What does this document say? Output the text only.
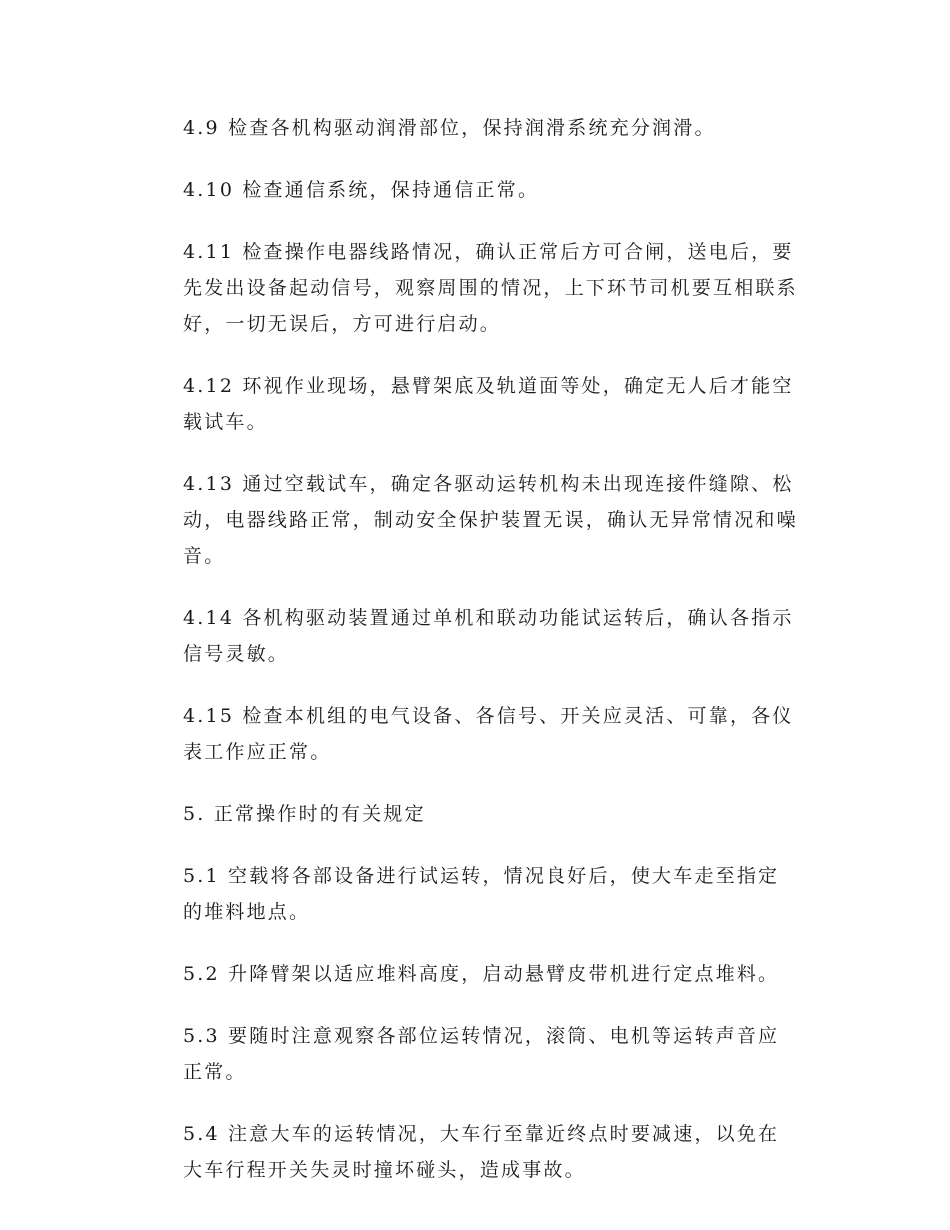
4.9 检查各机构驱动润滑部位，保持润滑系统充分润滑。

4.10 检查通信系统，保持通信正常。

4.11 检查操作电器线路情况，确认正常后方可合闸，送电后，要
先发出设备起动信号，观察周围的情况，上下环节司机要互相联系
好，一切无误后，方可进行启动。

4.12 环视作业现场，悬臂架底及轨道面等处，确定无人后才能空
载试车。

4.13 通过空载试车，确定各驱动运转机构未出现连接件缝隙、松
动，电器线路正常，制动安全保护装置无误，确认无异常情况和噪
音。

4.14 各机构驱动装置通过单机和联动功能试运转后，确认各指示
信号灵敏。

4.15 检查本机组的电气设备、各信号、开关应灵活、可靠，各仪
表工作应正常。

5. 正常操作时的有关规定

5.1 空载将各部设备进行试运转，情况良好后，使大车走至指定
的堆料地点。

5.2 升降臂架以适应堆料高度，启动悬臂皮带机进行定点堆料。

5.3 要随时注意观察各部位运转情况，滚筒、电机等运转声音应
正常。

5.4 注意大车的运转情况，大车行至靠近终点时要减速，以免在
大车行程开关失灵时撞坏碰头，造成事故。
